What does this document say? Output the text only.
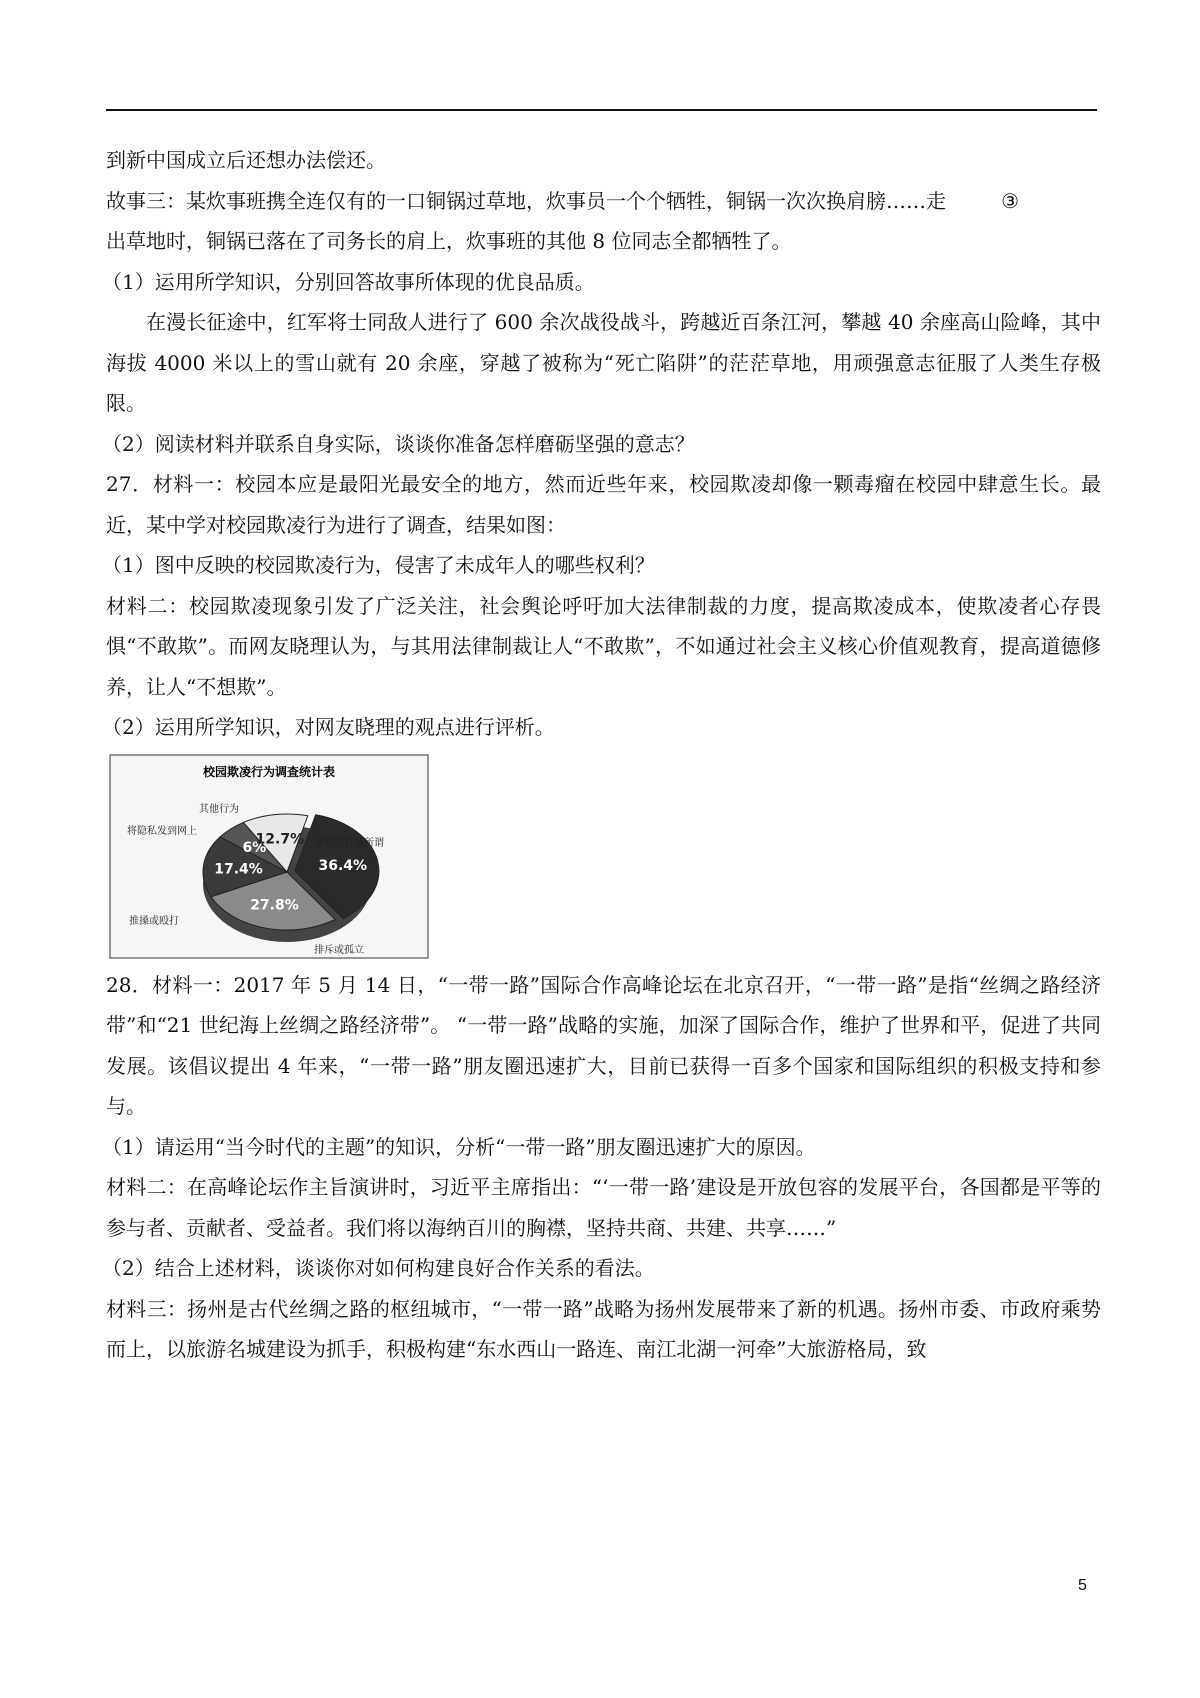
到新中国成立后还想办法偿还。

故事三：某炊事班携全连仅有的一口铜锅过草地，炊事员一个个牺牲，铜锅一次次换肩膀……走	③

出草地时，铜锅已落在了司务长的肩上，炊事班的其他 8 位同志全都牺牲了。

（1）运用所学知识，分别回答故事所体现的优良品质。

在漫长征途中，红军将士同敌人进行了 600 余次战役战斗，跨越近百条江河，攀越 40 余座高山险峰，其中海拔 4000 米以上的雪山就有 20 余座，穿越了被称为“死亡陷阱”的茫茫草地，用顽强意志征服了人类生存极限。

（2）阅读材料并联系自身实际，谈谈你准备怎样磨砺坚强的意志？

27．材料一：校园本应是最阳光最安全的地方，然而近些年来，校园欺凌却像一颗毒瘤在校园中肆意生长。最近，某中学对校园欺凌行为进行了调查，结果如图：

（1）图中反映的校园欺凌行为，侵害了未成年人的哪些权利？

材料二：校园欺凌现象引发了广泛关注，社会舆论呼吁加大法律制裁的力度，提高欺凌成本，使欺凌者心存畏惧“不敢欺”。而网友晓理认为，与其用法律制裁让人“不敢欺”，不如通过社会主义核心价值观教育，提高道德修养，让人“不想欺”。

（2）运用所学知识，对网友晓理的观点进行评析。

校园欺凌行为调查统计表
36.4%
辱骂或讥嘲所谓
27.8%
排斥或孤立
17.4%
推搡或殴打
6%
将隐私发到网上
12.7%
其他行为

28．材料一：2017 年 5 月 14 日，“一带一路”国际合作高峰论坛在北京召开，“一带一路”是指“丝绸之路经济带”和“21 世纪海上丝绸之路经济带”。 “一带一路”战略的实施，加深了国际合作，维护了世界和平，促进了共同发展。该倡议提出 4 年来，“一带一路”朋友圈迅速扩大，目前已获得一百多个国家和国际组织的积极支持和参与。

（1）请运用“当今时代的主题”的知识，分析“一带一路”朋友圈迅速扩大的原因。

材料二：在高峰论坛作主旨演讲时，习近平主席指出：“‘一带一路’建设是开放包容的发展平台，各国都是平等的参与者、贡献者、受益者。我们将以海纳百川的胸襟，坚持共商、共建、共享……”

（2）结合上述材料，谈谈你对如何构建良好合作关系的看法。

材料三：扬州是古代丝绸之路的枢纽城市，“一带一路”战略为扬州发展带来了新的机遇。扬州市委、市政府乘势而上，以旅游名城建设为抓手，积极构建“东水西山一路连、南江北湖一河牵”大旅游格局，致

5
